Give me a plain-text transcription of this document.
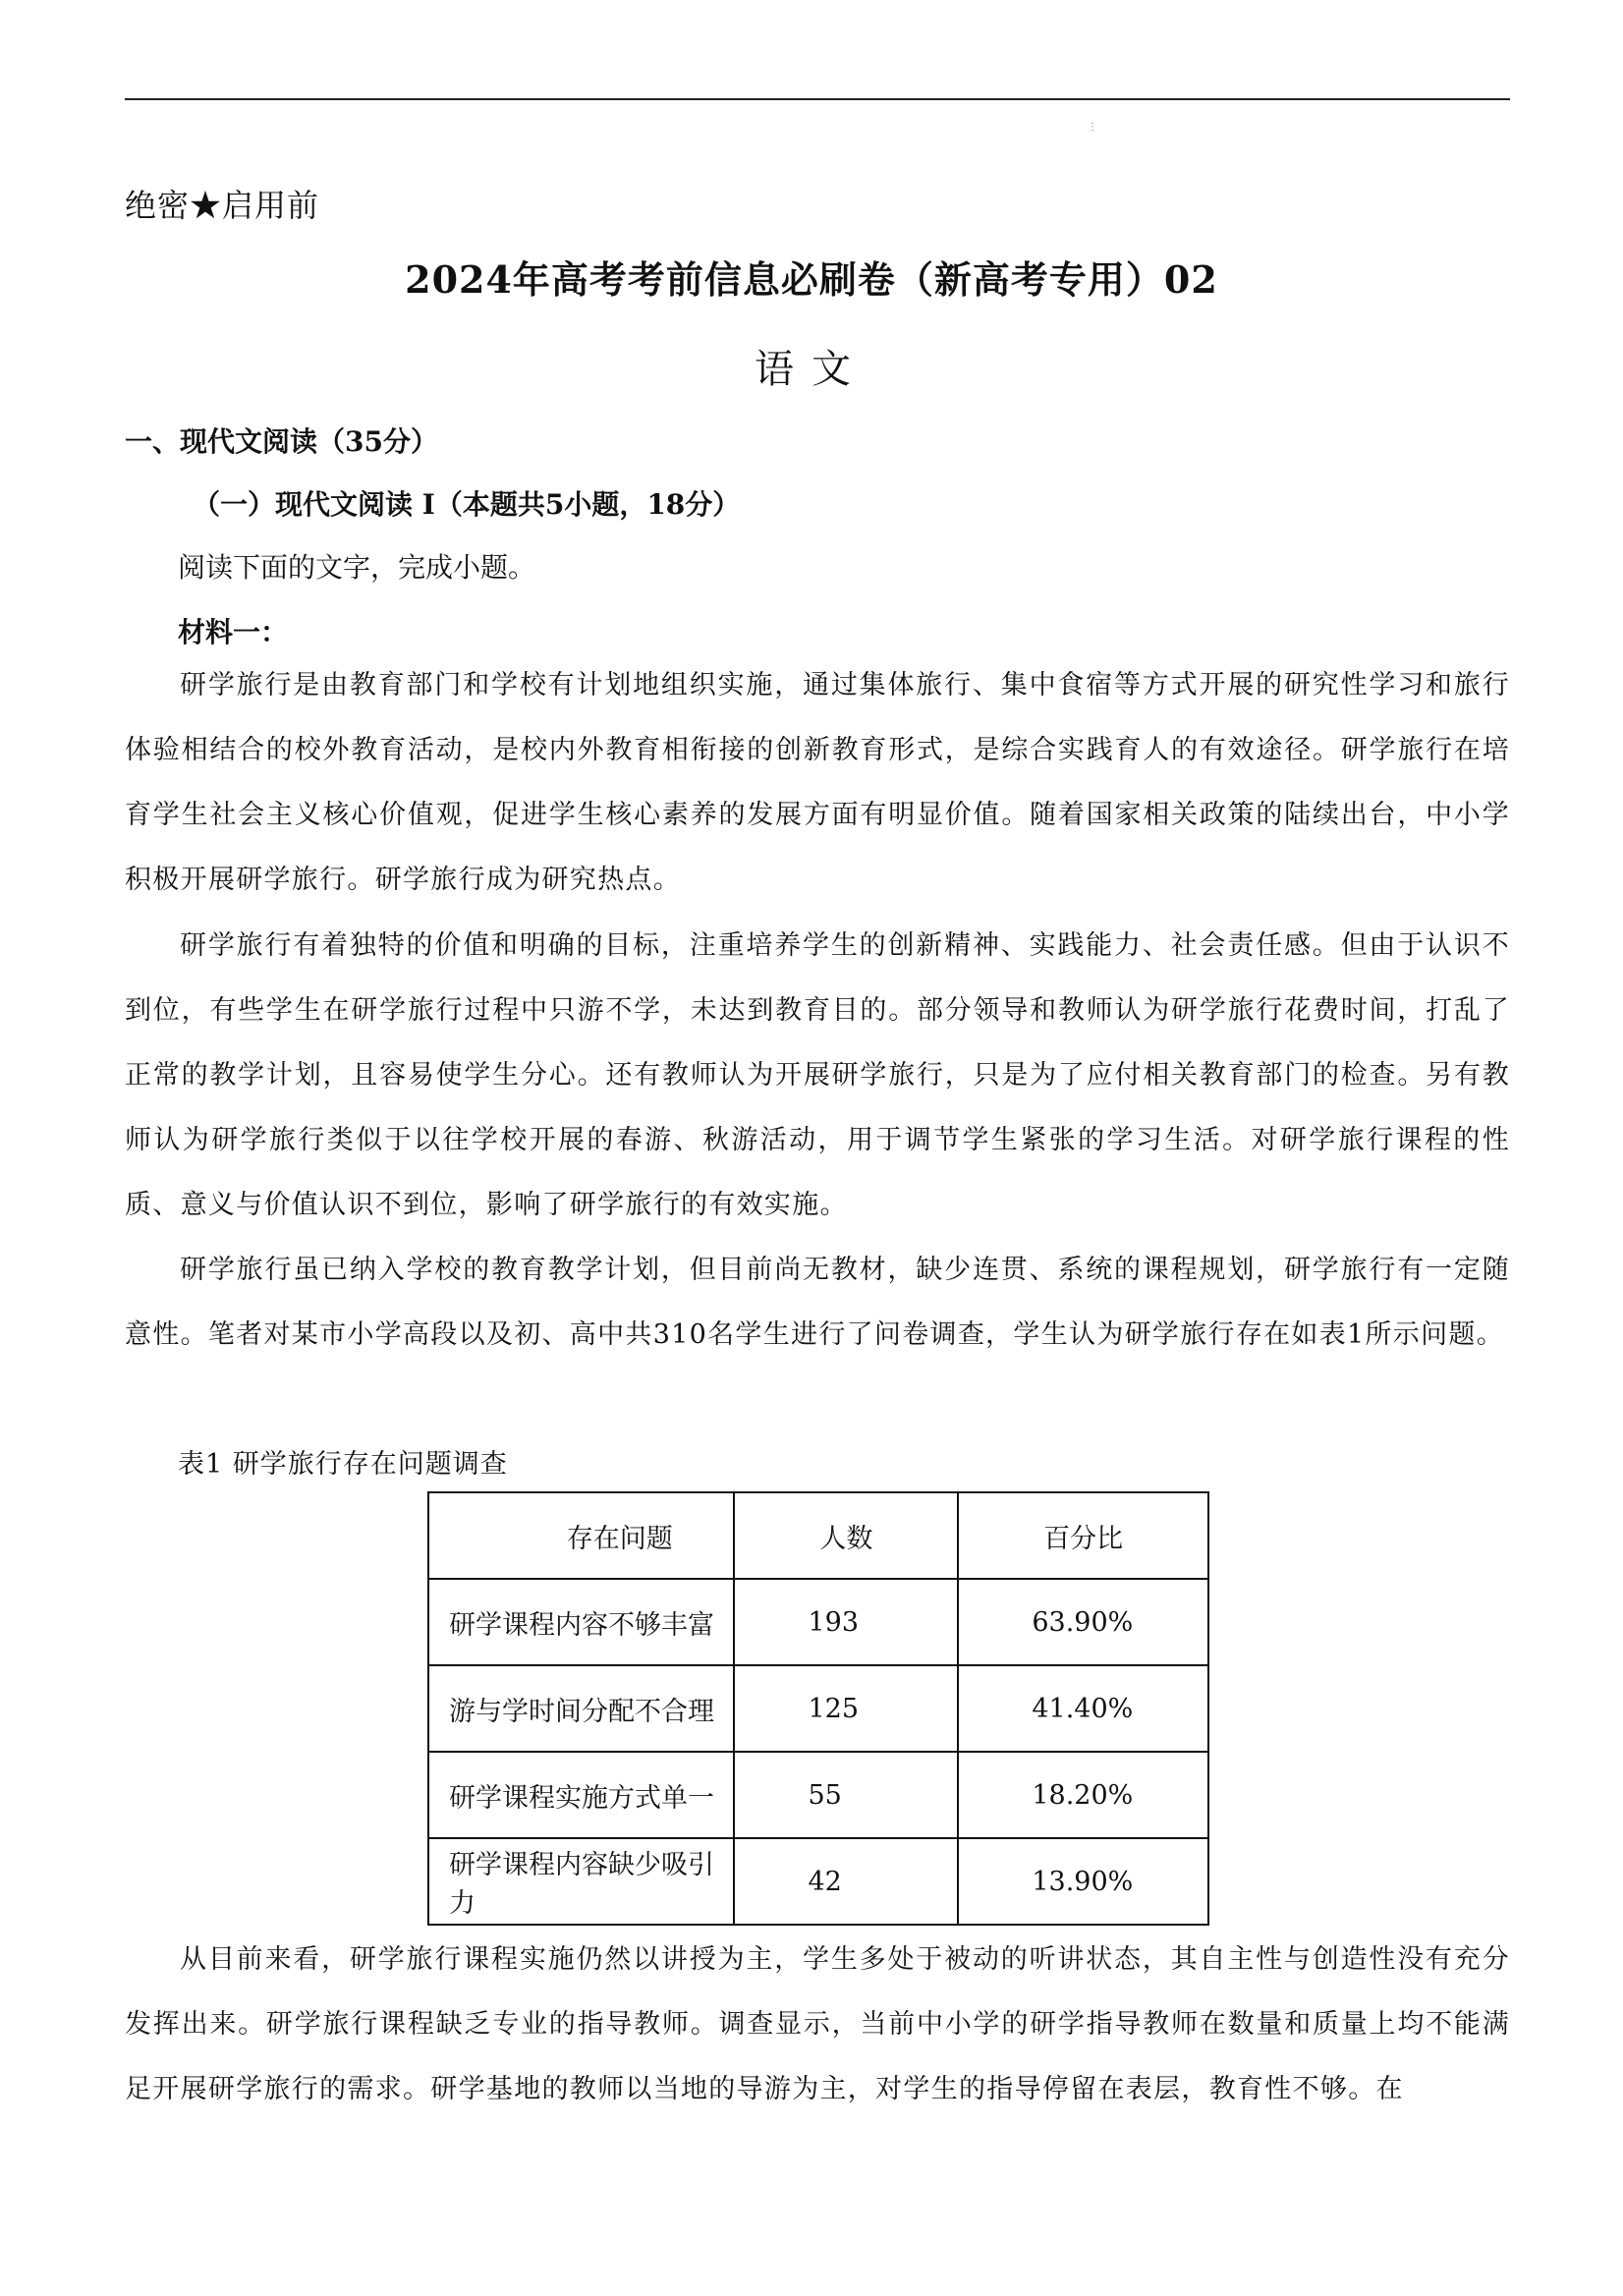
⋮
绝密★启用前
2024年高考考前信息必刷卷（新高考专用）02
语文
一、现代文阅读（35分）
（一）现代文阅读 I（本题共5小题，18分）
阅读下面的文字，完成小题。
材料一：

研学旅行是由教育部门和学校有计划地组织实施，通过集体旅行、集中食宿等方式开展的研究性学习和旅行体验相结合的校外教育活动，是校内外教育相衔接的创新教育形式，是综合实践育人的有效途径。研学旅行在培育学生社会主义核心价值观，促进学生核心素养的发展方面有明显价值。随着国家相关政策的陆续出台，中小学积极开展研学旅行。研学旅行成为研究热点。

研学旅行有着独特的价值和明确的目标，注重培养学生的创新精神、实践能力、社会责任感。但由于认识不到位，有些学生在研学旅行过程中只游不学，未达到教育目的。部分领导和教师认为研学旅行花费时间，打乱了正常的教学计划，且容易使学生分心。还有教师认为开展研学旅行，只是为了应付相关教育部门的检查。另有教师认为研学旅行类似于以往学校开展的春游、秋游活动，用于调节学生紧张的学习生活。对研学旅行课程的性质、意义与价值认识不到位，影响了研学旅行的有效实施。

研学旅行虽已纳入学校的教育教学计划，但目前尚无教材，缺少连贯、系统的课程规划，研学旅行有一定随意性。笔者对某市小学高段以及初、高中共310名学生进行了问卷调查，学生认为研学旅行存在如表1所示问题。

表1 研学旅行存在问题调查
存在问题	人数	百分比
研学课程内容不够丰富	193	63.90%
游与学时间分配不合理	125	41.40%
研学课程实施方式单一	55	18.20%
研学课程内容缺少吸引力	42	13.90%

从目前来看，研学旅行课程实施仍然以讲授为主，学生多处于被动的听讲状态，其自主性与创造性没有充分发挥出来。研学旅行课程缺乏专业的指导教师。调查显示，当前中小学的研学指导教师在数量和质量上均不能满足开展研学旅行的需求。研学基地的教师以当地的导游为主，对学生的指导停留在表层，教育性不够。在
